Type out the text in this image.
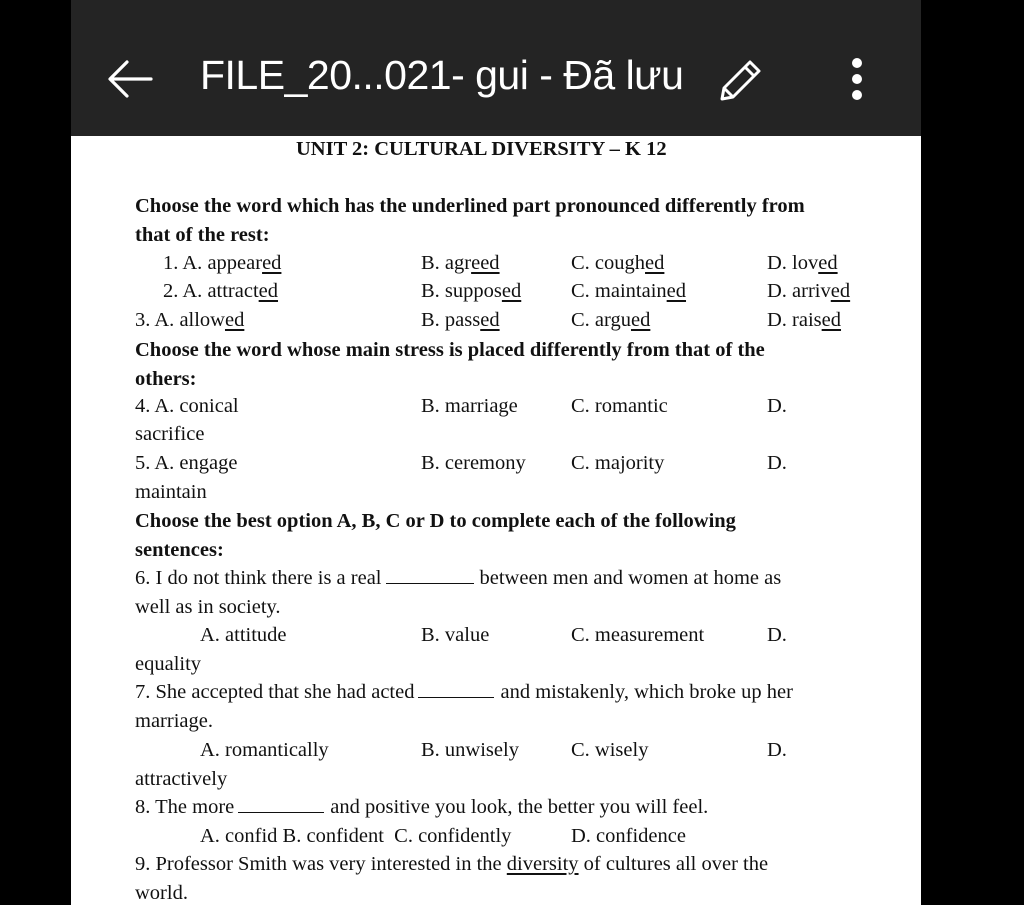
FILE_20...021- gui - Đã lưu
UNIT 2: CULTURAL DIVERSITY – K 12
Choose the word which has the underlined part pronounced differently from
that of the rest:
1. A. appeared	B. agreed	C. coughed	D. loved
2. A. attracted	B. supposed C. maintained	D. arrived
3. A. allowed	B. passed	C. argued	D. raised
Choose the word whose main stress is placed differently from that of the
others:
4. A. conical	B. marriage	C. romantic	D.
sacrifice
5. A. engage	B. ceremony C. majority	D.
maintain
Choose the best option A, B, C or D to complete each of the following
sentences:
6. I do not think there is a real	between men and women at home as
well as in society.
A. attitude	B. value	C. measurement	D.
equality
7. She accepted that she had acted	and mistakenly, which broke up her
marriage.
A. romantically	B. unwisely	C. wisely	D.
attractively
8. The more	and positive you look, the better you will feel.
A. confid B. confident  C. confidently	D. confidence
9. Professor Smith was very interested in the diversity of cultures all over the
world.
